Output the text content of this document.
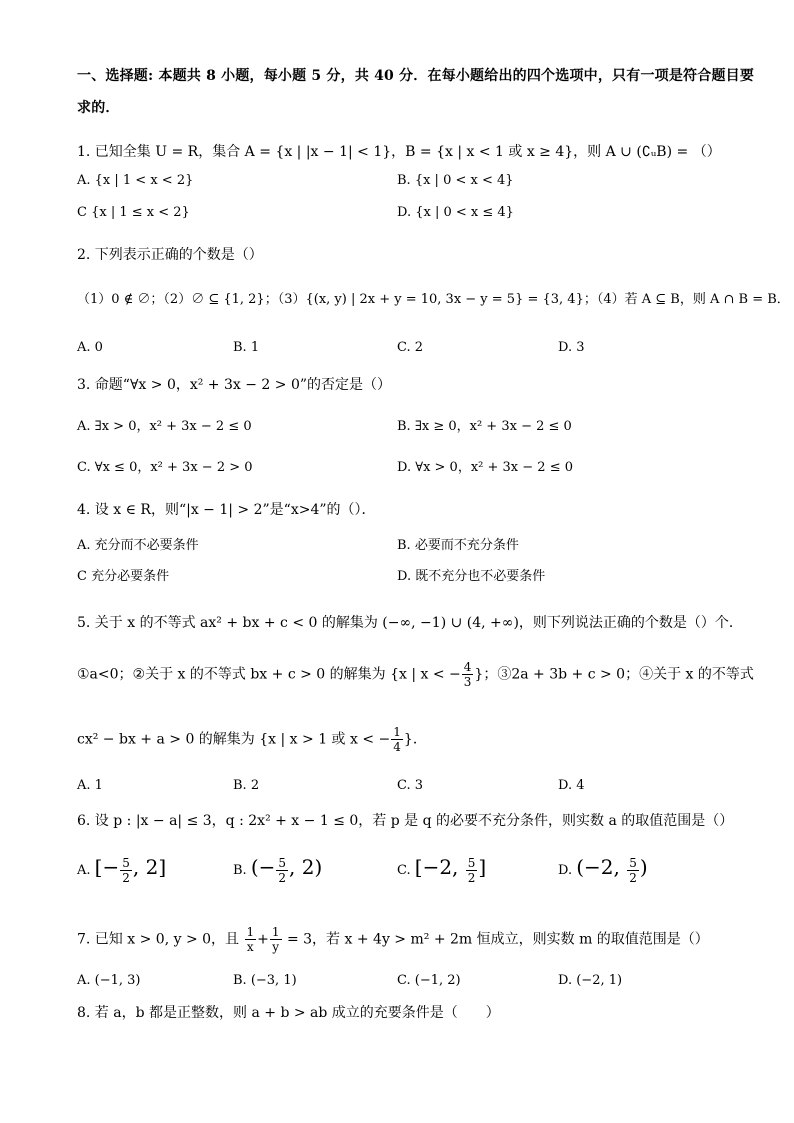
一、选择题: 本题共 8 小题，每小题 5 分，共 40 分．在每小题给出的四个选项中，只有一项是符合题目要
求的．
1. 已知全集 U = R，集合 A = {x | |x − 1| < 1}，B = {x | x < 1 或 x ≥ 4}，则 A ∪ (∁ᵤB) = （）
A. {x | 1 < x < 2}	B. {x | 0 < x < 4}
C {x | 1 ≤ x < 2}	D. {x | 0 < x ≤ 4}
2. 下列表示正确的个数是（）
（1）0 ∉ ∅；（2）∅ ⊆ {1, 2}；（3）{(x, y) | 2x + y = 10, 3x − y = 5} = {3, 4}；（4）若 A ⊆ B，则 A ∩ B = B．
A. 0	B. 1	C. 2	D. 3
3. 命题“∀x > 0，x² + 3x − 2 > 0”的否定是（）
A. ∃x > 0，x² + 3x − 2 ≤ 0	B. ∃x ≥ 0，x² + 3x − 2 ≤ 0
C. ∀x ≤ 0，x² + 3x − 2 > 0	D. ∀x > 0，x² + 3x − 2 ≤ 0
4. 设 x ∈ R，则“|x − 1| > 2”是“x>4”的（）．
A. 充分而不必要条件	B. 必要而不充分条件
C 充分必要条件	D. 既不充分也不必要条件
5. 关于 x 的不等式 ax² + bx + c < 0 的解集为 (−∞, −1) ∪ (4, +∞)，则下列说法正确的个数是（）个．
①a<0；②关于 x 的不等式 bx + c > 0 的解集为 {x | x < − $\frac{4}{3}$ }；③2a + 3b + c > 0；④关于 x 的不等式
cx² − bx + a > 0 的解集为 {x | x > 1 或 x < − $\frac{1}{4}$ }．
A. 1	B. 2	C. 3	D. 4
6. 设 p : |x − a| ≤ 3，q : 2x² + x − 1 ≤ 0，若 p 是 q 的必要不充分条件，则实数 a 的取值范围是（）
A. [− $\frac{5}{2}$ , 2]	B. (− $\frac{5}{2}$ , 2)	C. [−2, $\frac{5}{2}$ ]	D. (−2, $\frac{5}{2}$ )
7. 已知 x > 0, y > 0，且 $\frac{1}{x} + \frac{1}{y} = 3$，若 x + 4y > m² + 2m 恒成立，则实数 m 的取值范围是（）
A. (−1, 3)	B. (−3, 1)	C. (−1, 2)	D. (−2, 1)
8. 若 a，b 都是正整数，则 a + b > ab 成立的充要条件是（　　）
